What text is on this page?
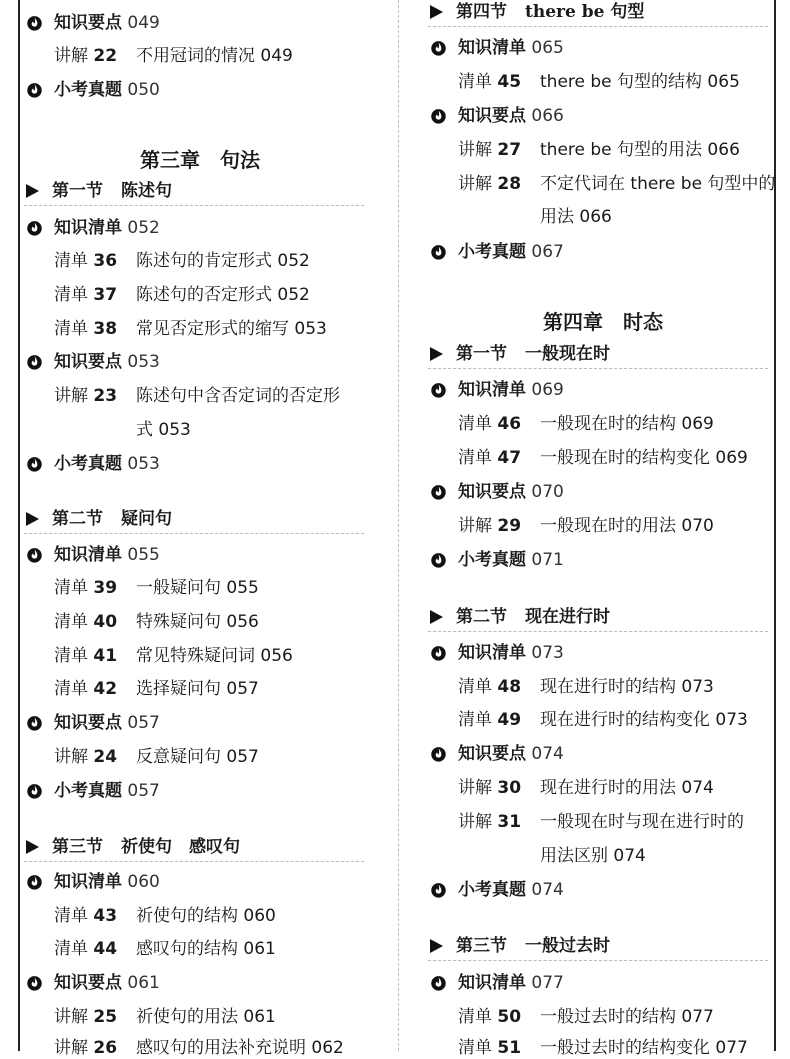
知识要点 049
讲解 22 不用冠词的情况 049
小考真题 050
第三章　句法
第一节 陈述句
知识清单 052
清单 36 陈述句的肯定形式 052
清单 37 陈述句的否定形式 052
清单 38 常见否定形式的缩写 053
知识要点 053
讲解 23 陈述句中含否定词的否定形
式 053
小考真题 053
第二节 疑问句
知识清单 055
清单 39 一般疑问句 055
清单 40 特殊疑问句 056
清单 41 常见特殊疑问词 056
清单 42 选择疑问句 057
知识要点 057
讲解 24 反意疑问句 057
小考真题 057
第三节 祈使句　感叹句
知识清单 060
清单 43 祈使句的结构 060
清单 44 感叹句的结构 061
知识要点 061
讲解 25 祈使句的用法 061
讲解 26 感叹句的用法补充说明 062
第四节 there be 句型
知识清单 065
清单 45 there be 句型的结构 065
知识要点 066
讲解 27 there be 句型的用法 066
讲解 28 不定代词在 there be 句型中的
用法 066
小考真题 067
第四章　时态
第一节 一般现在时
知识清单 069
清单 46 一般现在时的结构 069
清单 47 一般现在时的结构变化 069
知识要点 070
讲解 29 一般现在时的用法 070
小考真题 071
第二节 现在进行时
知识清单 073
清单 48 现在进行时的结构 073
清单 49 现在进行时的结构变化 073
知识要点 074
讲解 30 现在进行时的用法 074
讲解 31 一般现在时与现在进行时的
用法区别 074
小考真题 074
第三节 一般过去时
知识清单 077
清单 50 一般过去时的结构 077
清单 51 一般过去时的结构变化 077
